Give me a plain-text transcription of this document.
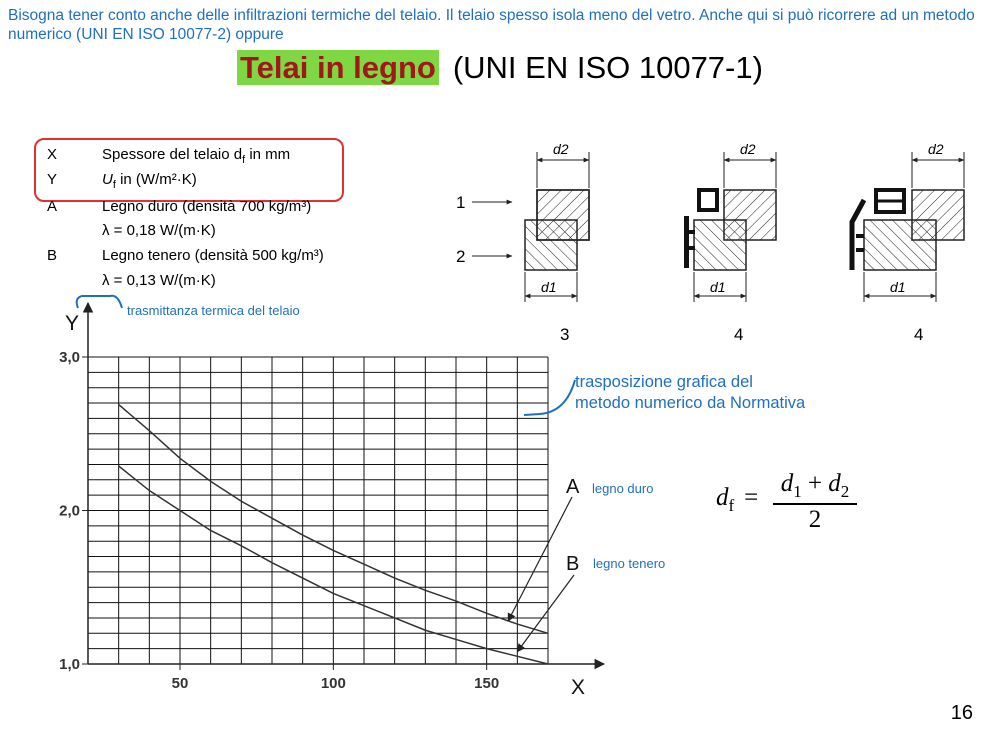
Bisogna tener conto anche delle infiltrazioni termiche del telaio. Il telaio spesso isola meno del vetro. Anche qui si può ricorrere ad un metodo numerico (UNI EN ISO 10077-2) oppure
Telai in legno (UNI EN ISO 10077-1)
X	Spessore del telaio $d_f$ in mm
Y	$U_f$ in (W/m²·K)
A	Legno duro (densità 700 kg/m³)
λ = 0,18 W/(m·K)
B	Legno tenero (densità 500 kg/m³)
λ = 0,13 W/(m·K)
50	100	150
1,0
2,0
3,0
X
Y
A
B
trasmittanza termica del telaio
trasposizione grafica del
metodo numerico da Normativa
legno duro
legno tenero
d2
d1
1
2
3
d2
d1
4
d2
d1
4
$d_f$ =
$d_1 + d_2$
2
16
